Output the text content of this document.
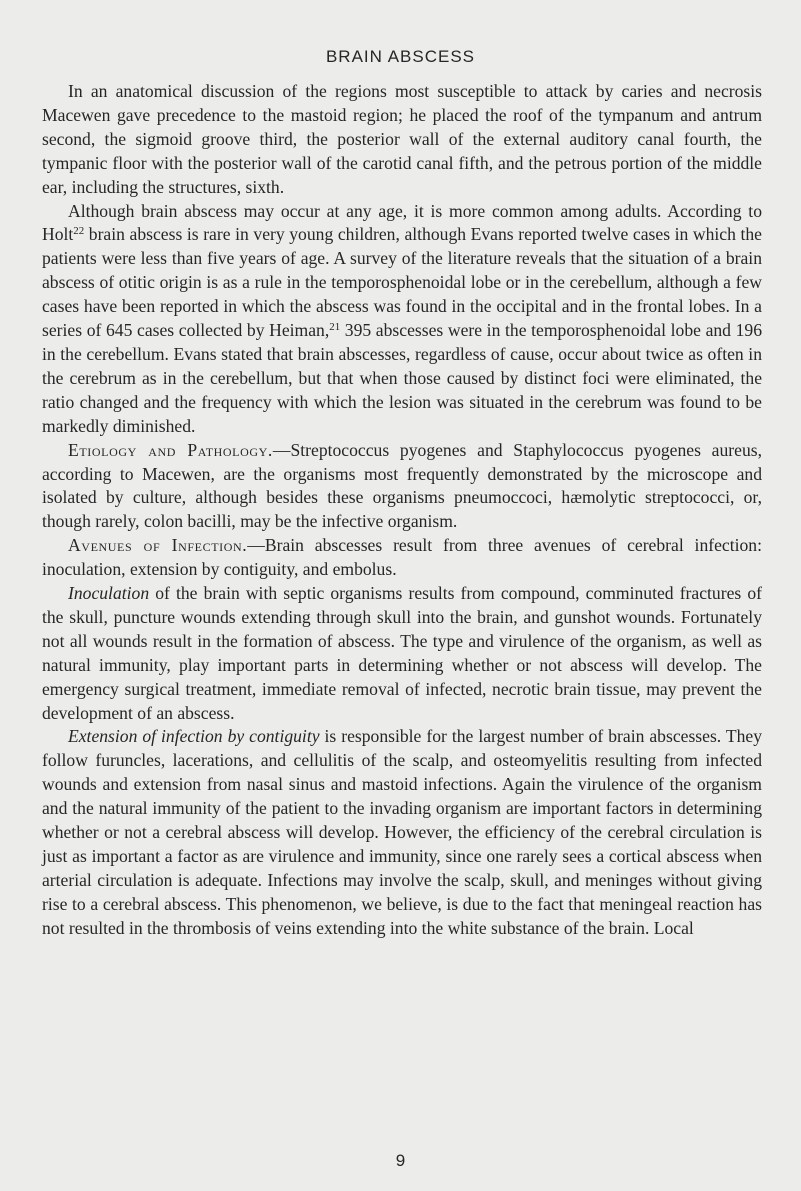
BRAIN ABSCESS

In an anatomical discussion of the regions most susceptible to attack by caries and necrosis Macewen gave precedence to the mastoid region; he placed the roof of the tympanum and antrum second, the sigmoid groove third, the posterior wall of the external auditory canal fourth, the tympanic floor with the posterior wall of the carotid canal fifth, and the petrous portion of the middle ear, including the structures, sixth.

Although brain abscess may occur at any age, it is more common among adults. According to Holt$^{22}$ brain abscess is rare in very young children, although Evans reported twelve cases in which the patients were less than five years of age. A survey of the literature reveals that the situation of a brain abscess of otitic origin is as a rule in the temporosphenoidal lobe or in the cerebellum, although a few cases have been reported in which the abscess was found in the occipital and in the frontal lobes. In a series of 645 cases collected by Heiman,$^{21}$ 395 abscesses were in the temporosphenoidal lobe and 196 in the cerebellum. Evans stated that brain abscesses, regardless of cause, occur about twice as often in the cerebrum as in the cerebellum, but that when those caused by distinct foci were eliminated, the ratio changed and the frequency with which the lesion was situated in the cerebrum was found to be markedly diminished.

Etiology and Pathology.—Streptococcus pyogenes and Staphylococcus pyogenes aureus, according to Macewen, are the organisms most frequently demonstrated by the microscope and isolated by culture, although besides these organisms pneumoccoci, hæmolytic streptococci, or, though rarely, colon bacilli, may be the infective organism.

Avenues of Infection.—Brain abscesses result from three avenues of cerebral infection: inoculation, extension by contiguity, and embolus.

Inoculation of the brain with septic organisms results from compound, comminuted fractures of the skull, puncture wounds extending through skull into the brain, and gunshot wounds. Fortunately not all wounds result in the formation of abscess. The type and virulence of the organism, as well as natural immunity, play important parts in determining whether or not abscess will develop. The emergency surgical treatment, immediate removal of infected, necrotic brain tissue, may prevent the development of an abscess.

Extension of infection by contiguity is responsible for the largest number of brain abscesses. They follow furuncles, lacerations, and cellulitis of the scalp, and osteomyelitis resulting from infected wounds and extension from nasal sinus and mastoid infections. Again the virulence of the organism and the natural immunity of the patient to the invading organism are important factors in determining whether or not a cerebral abscess will develop. However, the efficiency of the cerebral circulation is just as important a factor as are virulence and immunity, since one rarely sees a cortical abscess when arterial circulation is adequate. Infections may involve the scalp, skull, and meninges without giving rise to a cerebral abscess. This phenomenon, we believe, is due to the fact that meningeal reaction has not resulted in the thrombosis of veins extending into the white substance of the brain. Local

9
